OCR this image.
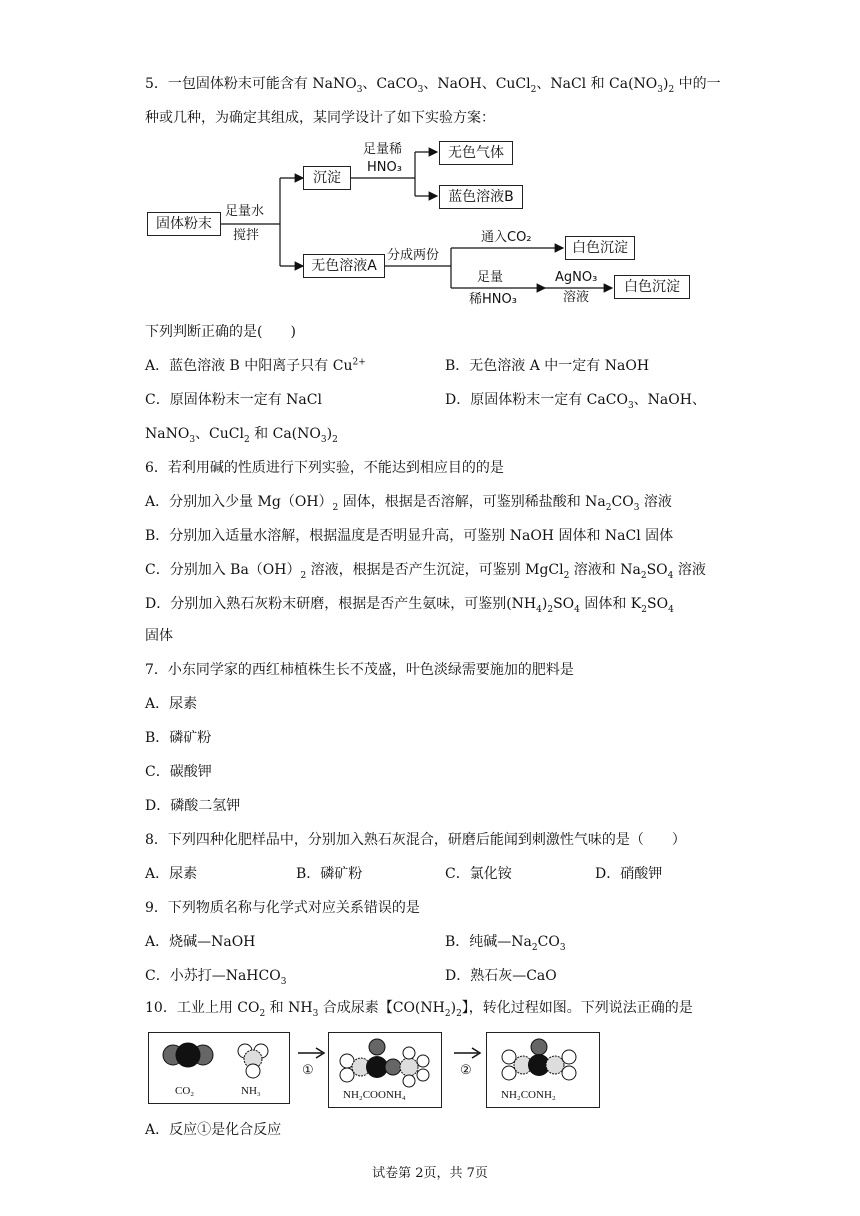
5．一包固体粉末可能含有 NaNO$_3$、CaCO$_3$、NaOH、CuCl$_2$、NaCl 和 $Ca(NO_3)_2$ 中的一
种或几种，为确定其组成，某同学设计了如下实验方案：
固体粉末
足量水
搅拌
沉淀
足量稀
HNO₃
无色气体
蓝色溶液B
无色溶液A
分成两份
通入CO₂
白色沉淀
足量
稀HNO₃
AgNO₃
溶液
白色沉淀
下列判断正确的是(　　)
A．蓝色溶液 B 中阳离子只有 $Cu^{2+}$	B．无色溶液 A 中一定有 NaOH
C．原固体粉末一定有 NaCl	D．原固体粉末一定有 CaCO$_3$、NaOH、
NaNO$_3$、CuCl$_2$ 和 $Ca(NO_3)_2$
6．若利用碱的性质进行下列实验，不能达到相应目的的是
A．分别加入少量 $Mg(OH)_2$ 固体，根据是否溶解，可鉴别稀盐酸和 $Na_2CO_3$ 溶液
B．分别加入适量水溶解，根据温度是否明显升高，可鉴别 NaOH 固体和 NaCl 固体
C．分别加入 $Ba(OH)_2$ 溶液，根据是否产生沉淀，可鉴别 MgCl$_2$ 溶液和 $Na_2SO_4$ 溶液
D．分别加入熟石灰粉末研磨，根据是否产生氨味，可鉴别$(NH_4)_2SO_4$ 固体和 $K_2SO_4$
固体
7．小东同学家的西红柿植株生长不茂盛，叶色淡绿需要施加的肥料是
A．尿素
B．磷矿粉
C．碳酸钾
D．磷酸二氢钾
8．下列四种化肥样品中，分别加入熟石灰混合，研磨后能闻到刺激性气味的是（　　）
A．尿素	B．磷矿粉	C．氯化铵	D．硝酸钾
9．下列物质名称与化学式对应关系错误的是
A．烧碱—NaOH	B．纯碱$—Na_2CO_3$
C．小苏打—NaHCO$_3$	D．熟石灰—CaO
10．工业上用 $CO_2$ 和 $NH_3$ 合成尿素【$CO(NH_2)_2$】，转化过程如图。下列说法正确的是
CO₂	NH₃
①
NH₂COONH₄
②
NH₂CONH₂
A．反应①是化合反应
试卷第 2页，共 7页
